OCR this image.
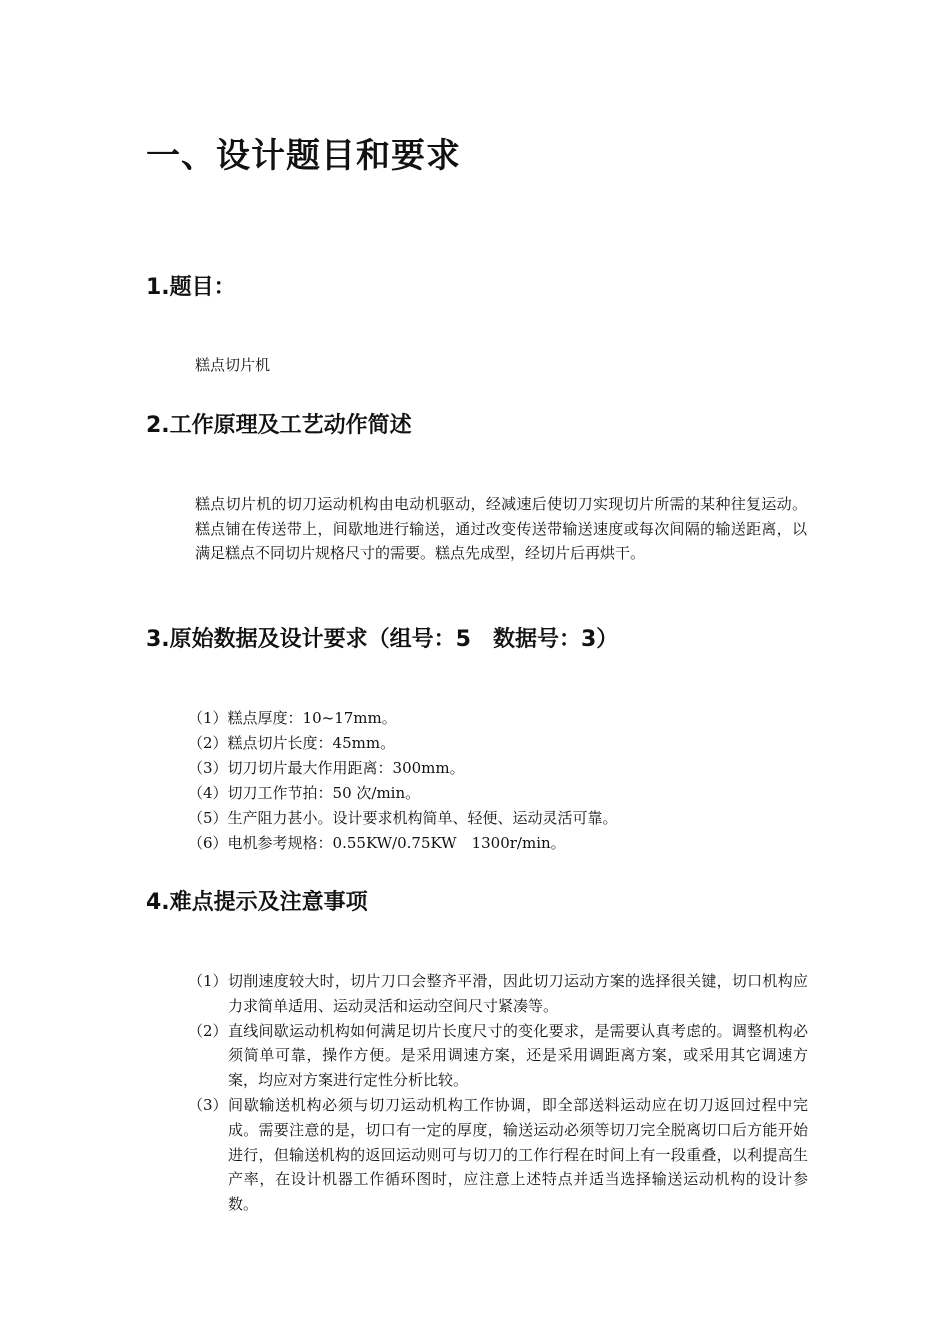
一、设计题目和要求
1.题目：
糕点切片机
2.工作原理及工艺动作简述
糕点切片机的切刀运动机构由电动机驱动，经减速后使切刀实现切片所需的某种往复运动。糕点铺在传送带上，间歇地进行输送，通过改变传送带输送速度或每次间隔的输送距离，以满足糕点不同切片规格尺寸的需要。糕点先成型，经切片后再烘干。
3.原始数据及设计要求（组号：5　数据号：3）
（1）糕点厚度：10~17mm。
（2）糕点切片长度：45mm。
（3）切刀切片最大作用距离：300mm。
（4）切刀工作节拍：50 次/min。
（5）生产阻力甚小。设计要求机构简单、轻便、运动灵活可靠。
（6）电机参考规格：0.55KW/0.75KW　1300r/min。
4.难点提示及注意事项
（1） 切削速度较大时，切片刀口会整齐平滑，因此切刀运动方案的选择很关键，切口机构应力求简单适用、运动灵活和运动空间尺寸紧凑等。
（2） 直线间歇运动机构如何满足切片长度尺寸的变化要求，是需要认真考虑的。调整机构必须简单可靠，操作方便。是采用调速方案，还是采用调距离方案，或采用其它调速方案，均应对方案进行定性分析比较。
（3） 间歇输送机构必须与切刀运动机构工作协调，即全部送料运动应在切刀返回过程中完成。需要注意的是，切口有一定的厚度，输送运动必须等切刀完全脱离切口后方能开始进行，但输送机构的返回运动则可与切刀的工作行程在时间上有一段重叠，以利提高生产率，在设计机器工作循环图时，应注意上述特点并适当选择输送运动机构的设计参数。
